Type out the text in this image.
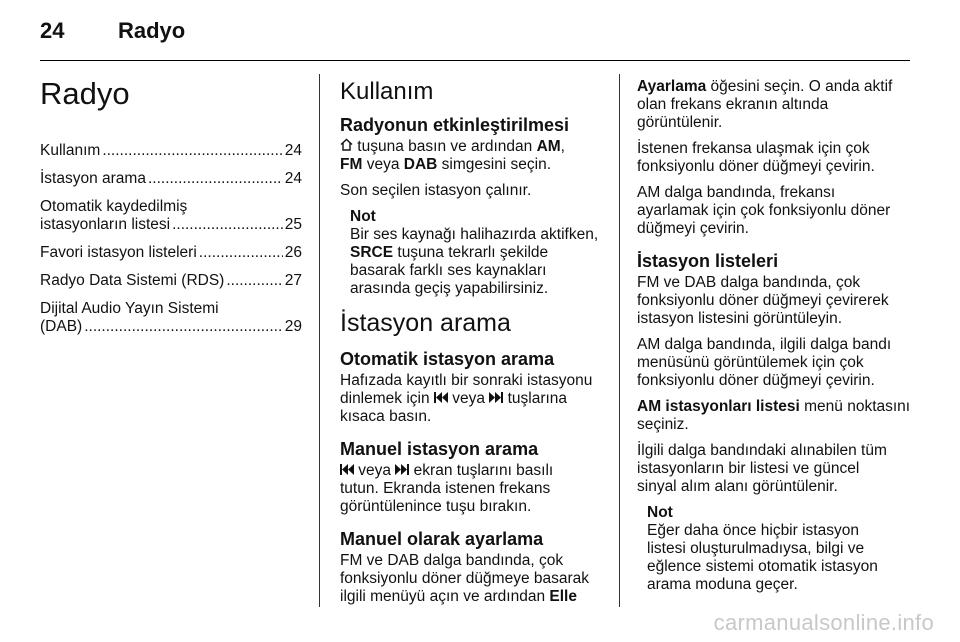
24 Radyo
Radyo
Kullanım .....	24
İstasyon arama .....	24
Otomatik kaydedilmiş
istasyonların listesi .....	25
Favori istasyon listeleri .....	26
Radyo Data Sistemi (RDS) .....	27
Dijital Audio Yayın Sistemi
(DAB) .....	29
Kullanım
Radyonun etkinleştirilmesi

tuşuna basın ve ardından AM,
FM veya DAB simgesini seçin.

Son seçilen istasyon çalınır.

Not
Bir ses kaynağı halihazırda aktifken,
SRCE tuşuna tekrarlı şekilde
basarak farklı ses kaynakları
arasında geçiş yapabilirsiniz.
İstasyon arama
Otomatik istasyon arama

Hafızada kayıtlı bir sonraki istasyonu
dinlemek için  veya  tuşlarına
kısaca basın.

Manuel istasyon arama

veya  ekran tuşlarını basılı
tutun. Ekranda istenen frekans
görüntülenince tuşu bırakın.

Manuel olarak ayarlama

FM ve DAB dalga bandında, çok
fonksiyonlu döner düğmeye basarak
ilgili menüyü açın ve ardından Elle

Ayarlama öğesini seçin. O anda aktif
olan frekans ekranın altında
görüntülenir.

İstenen frekansa ulaşmak için çok
fonksiyonlu döner düğmeyi çevirin.

AM dalga bandında, frekansı
ayarlamak için çok fonksiyonlu döner
düğmeyi çevirin.

İstasyon listeleri

FM ve DAB dalga bandında, çok
fonksiyonlu döner düğmeyi çevirerek
istasyon listesini görüntüleyin.

AM dalga bandında, ilgili dalga bandı
menüsünü görüntülemek için çok
fonksiyonlu döner düğmeyi çevirin.

AM istasyonları listesi menü noktasını
seçiniz.

İlgili dalga bandındaki alınabilen tüm
istasyonların bir listesi ve güncel
sinyal alım alanı görüntülenir.

Not
Eğer daha önce hiçbir istasyon
listesi oluşturulmadıysa, bilgi ve
eğlence sistemi otomatik istasyon
arama moduna geçer.
carmanualsonline.info
